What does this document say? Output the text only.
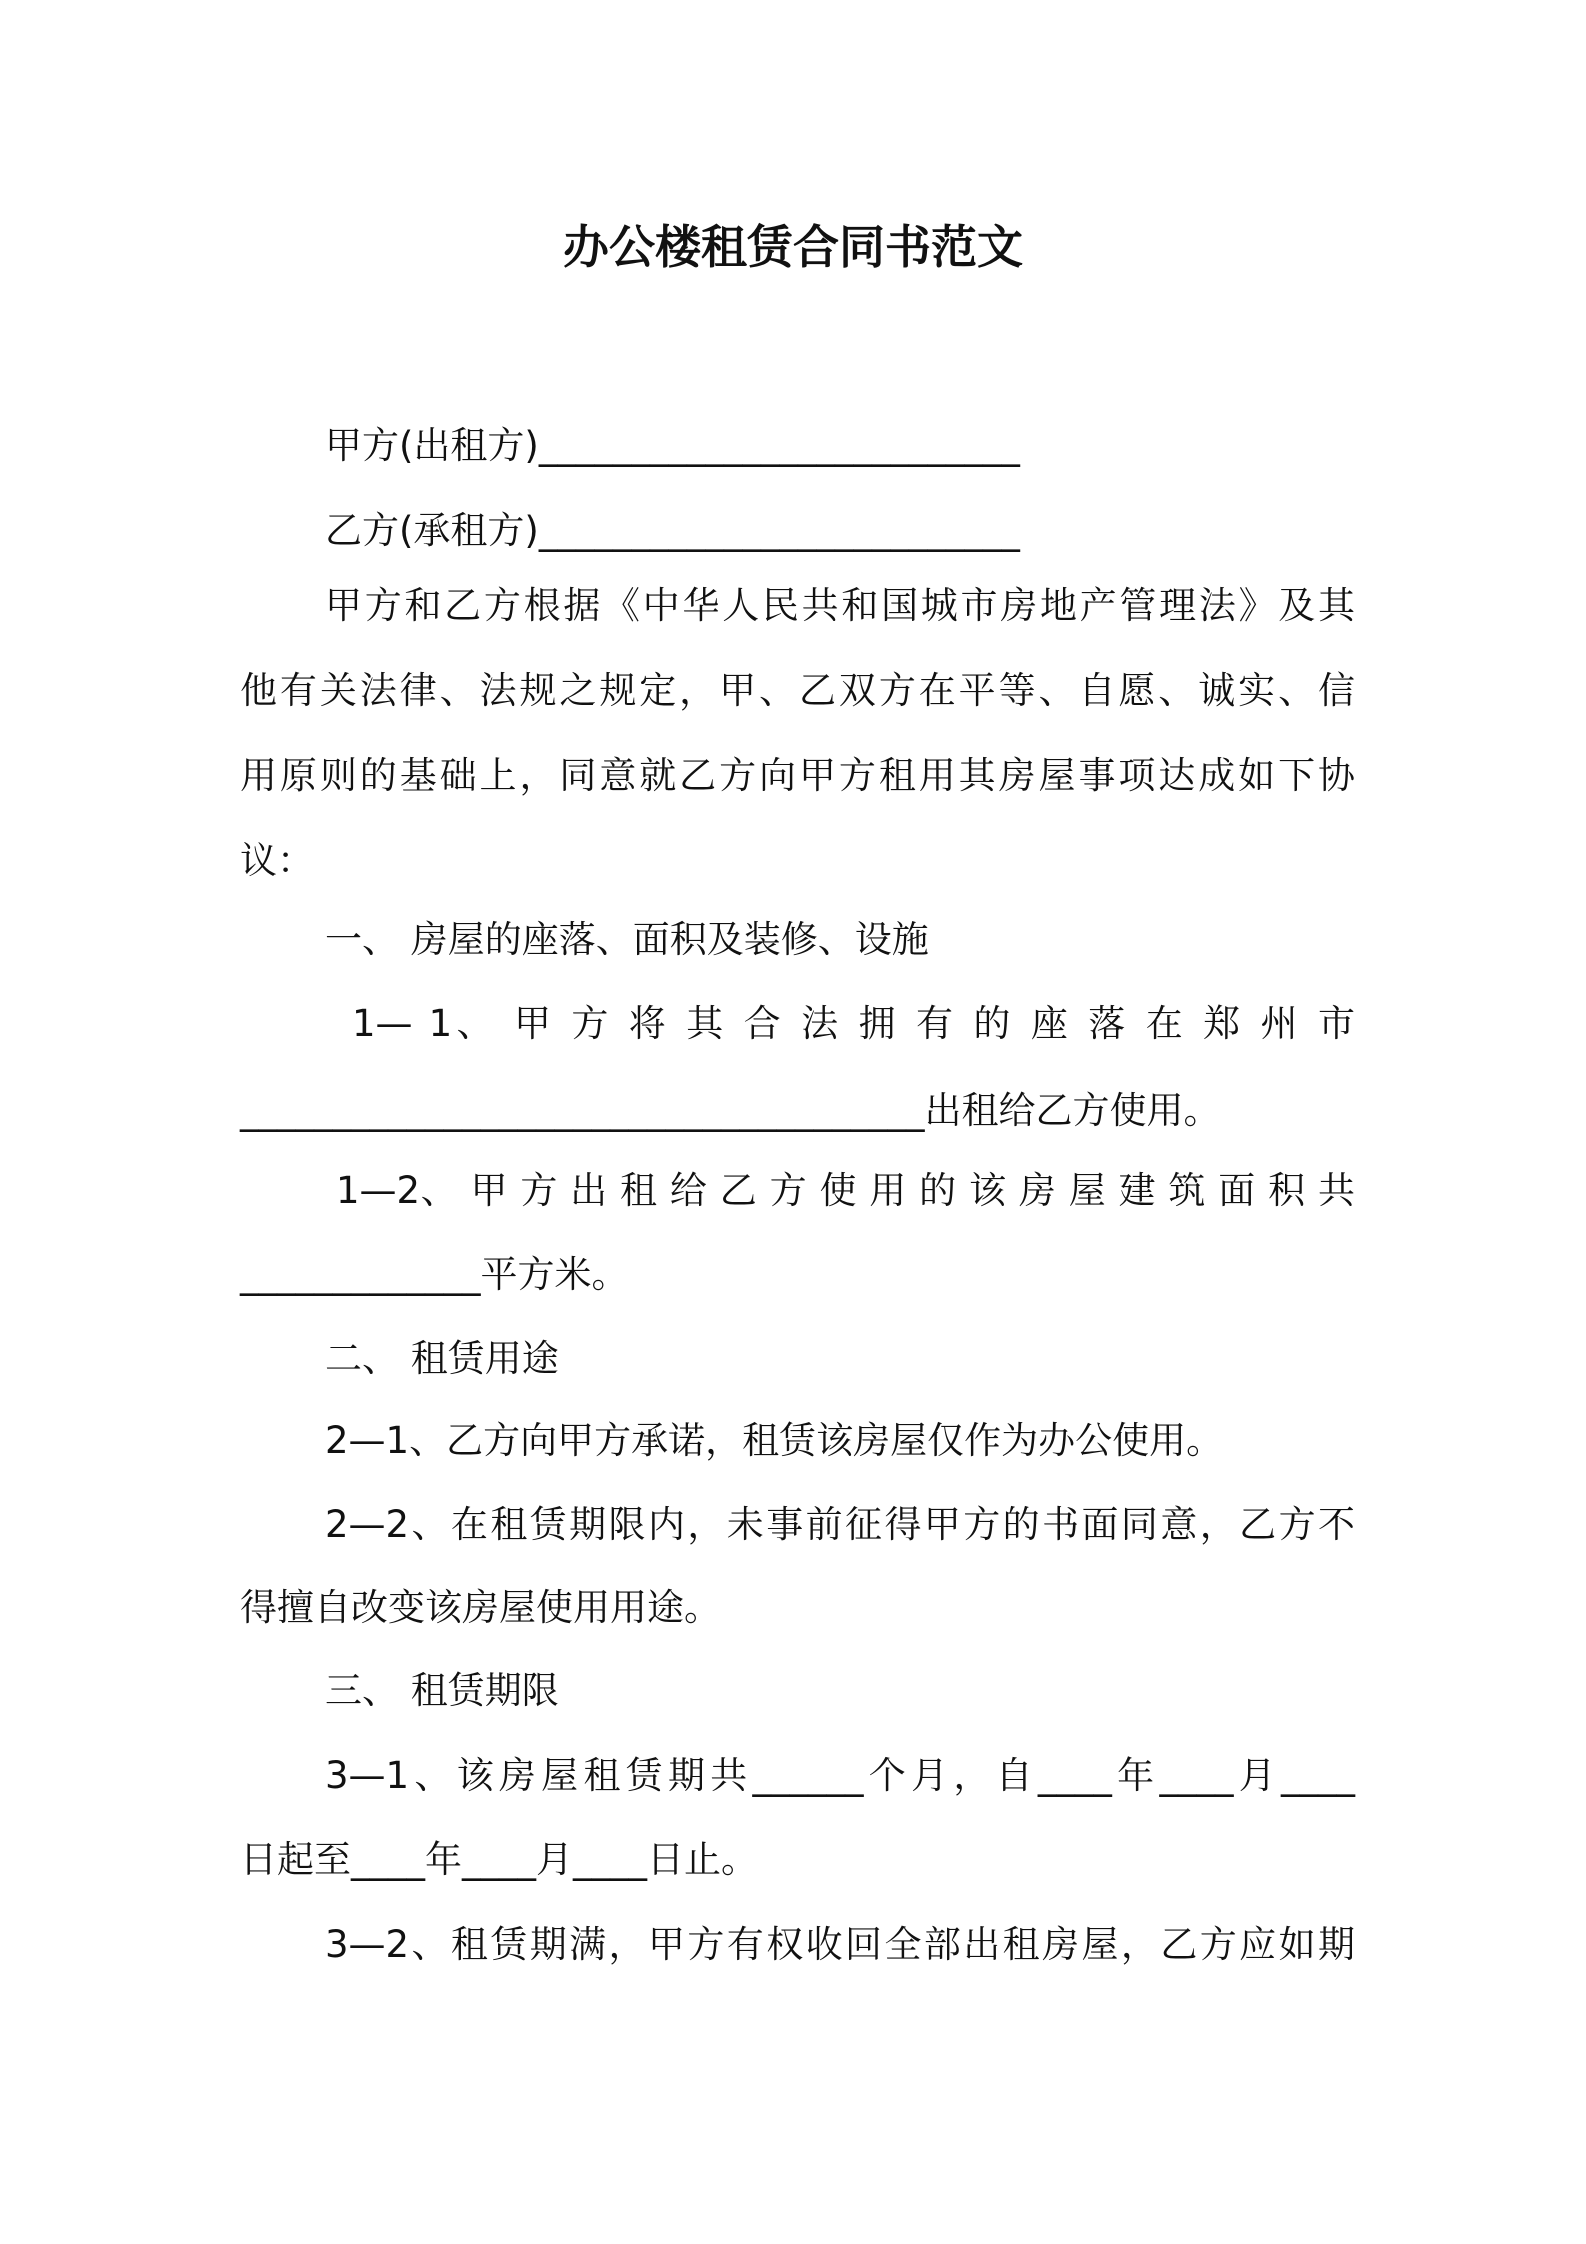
办公楼租赁合同书范文
甲方(出租方)__________________________
乙方(承租方)__________________________
甲方和乙方根据《中华人民共和国城市房地产管理法》及其
他有关法律、法规之规定，甲、乙双方在平等、自愿、诚实、信
用原则的基础上，同意就乙方向甲方租用其房屋事项达成如下协
议：
一、 房屋的座落、面积及装修、设施
1— 1、 甲 方 将 其 合 法 拥 有 的 座 落 在 郑 州 市
_____________________________________出租给乙方使用。
1—2、 甲 方 出 租 给 乙 方 使 用 的 该 房 屋 建 筑 面 积 共
_____________平方米。
二、 租赁用途
2—1、乙方向甲方承诺，租赁该房屋仅作为办公使用。
2—2、在租赁期限内，未事前征得甲方的书面同意，乙方不
得擅自改变该房屋使用用途。
三、 租赁期限
3—1、该房屋租赁期共______个月，自____年____月____
日起至____年____月____日止。
3—2、租赁期满，甲方有权收回全部出租房屋，乙方应如期
